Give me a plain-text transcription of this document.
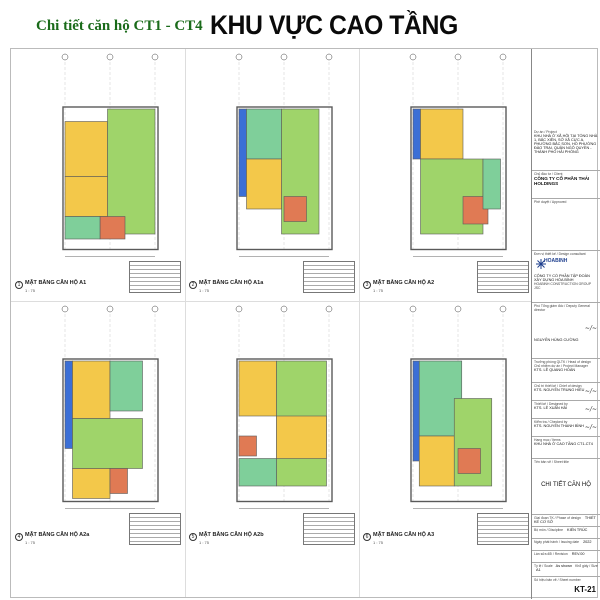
Chi tiết căn hộ CT1 - CT4 KHU VỰC CAO TẦNG
1 MẶT BẰNG CĂN HỘ A1
1 : 75
2 MẶT BẰNG CĂN HỘ A1a
1 : 75
3 MẶT BẰNG CĂN HỘ A2
1 : 75
4 MẶT BẰNG CĂN HỘ A2a
1 : 75
5 MẶT BẰNG CĂN HỘ A2b
1 : 75
6 MẶT BẰNG CĂN HỘ A3
1 : 75
Dự án / Project
KHU NHÀ Ở XÃ HỘI TẠI TỔNG NHÀ 1, BẮC XIÊN, SỞ XÃ CỰC A, PHƯỜNG BẮC SƠN, HỒ PHƯỜNG ĐÀO TRẠI, QUẬN NGÔ QUYỀN - THÀNH PHỐ HẢI PHÒNG
Chủ đầu tư / Client
CÔNG TY CỔ PHẦN THÁI HOLDINGS
Phê duyệt / Approved
Đơn vị thiết kế / Design consultant
HOABINH
CÔNG TY CỔ PHẦN TẬP ĐOÀN XÂY DỰNG HÒA BÌNH
HOABINH CONSTRUCTION GROUP JSC
Phó Tổng giám đốc / Deputy General director
~/~
NGUYỄN HÙNG CƯỜNG
Trưởng phòng QLTK / Head of design
Chủ nhiệm dự án / Project Manager
KTS. LÊ QUANG HOÀN
Chủ trì thiết kế / Chief of design
KTS. NGUYỄN TRUNG HIẾU ~/~
Thiết kế / Designed by
KTS. LÊ XUÂN HẢI	~/~
Kiểm tra / Checked by
KTS. NGUYỄN THANH BÌNH ~/~
Hạng mục / Items
KHU NHÀ Ở CAO TẦNG CT1-CT4
Tên bản vẽ / Sheet title
CHI TIẾT CĂN HỘ
Giai đoạn TK / Phase of design THIẾT KẾ CƠ SỞ
Bộ môn / Discipline KIẾN TRÚC
Ngày phát hành / Issuing date 2022
Lần sửa đổi / Revision REV.00
Tỷ lệ / Scale As shown Khổ giấy / Size A1
Số hiệu bản vẽ / Sheet number
KT-21
